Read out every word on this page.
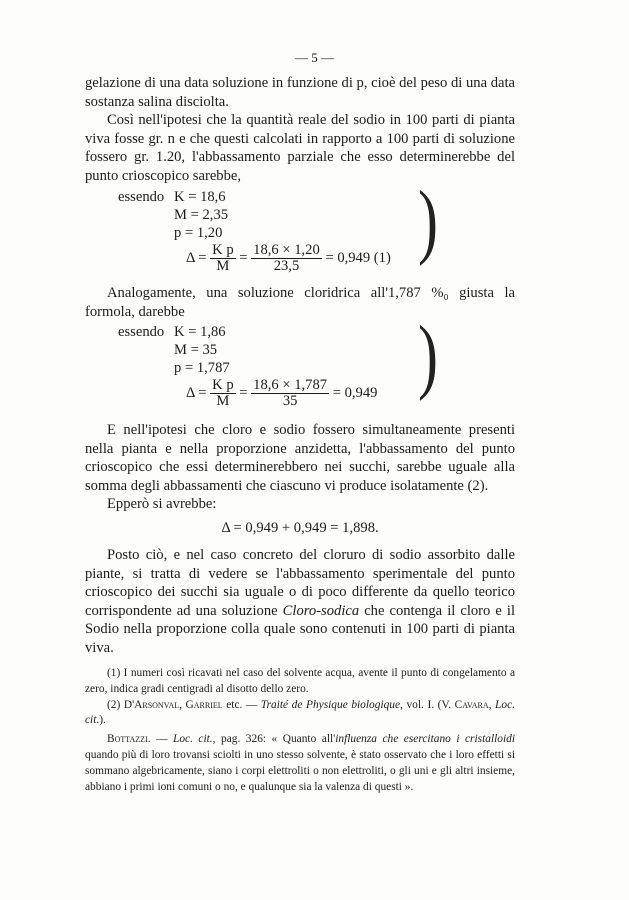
— 5 —

gelazione di una data soluzione in funzione di p, cioè del peso di una data sostanza salina disciolta.

Così nell'ipotesi che la quantità reale del sodio in 100 parti di pianta viva fosse gr. n e che questi calcolati in rapporto a 100 parti di soluzione fossero gr. 1.20, l'abbassamento parziale che esso determinerebbe del punto crioscopico sarebbe,

essendo K = 18,6
M = 2,35
p = 1,20
$\Delta = \frac{\text{K p}}{M} = \frac{18,6 \times 1,20}{23,5} = 0,949$ (1) )

Analogamente, una soluzione cloridrica all'1,787 %₀ giusta la formola, darebbe

essendo K = 1,86
M = 35
p = 1,787
$\Delta = \frac{\text{K p}}{M} = \frac{18,6 \times 1,787}{35} = 0,949$ )

E nell'ipotesi che cloro e sodio fossero simultaneamente presenti nella pianta e nella proporzione anzidetta, l'abbassamento del punto crioscopico che essi determinerebbero nei succhi, sarebbe uguale alla somma degli abbassamenti che ciascuno vi produce isolatamente (2).

Epperò si avrebbe:

Δ = 0,949 + 0,949 = 1,898.

Posto ciò, e nel caso concreto del cloruro di sodio assorbito dalle piante, si tratta di vedere se l'abbassamento sperimentale del punto crioscopico dei succhi sia uguale o di poco differente da quello teorico corrispondente ad una soluzione Cloro-sodica che contenga il cloro e il Sodio nella proporzione colla quale sono contenuti in 100 parti di pianta viva.

(1) I numeri così ricavati nel caso del solvente acqua, avente il punto di congelamento a zero, indica gradi centigradi al disotto dello zero.

(2) D'Arsonval, Garriel etc. — Traité de Physique biologique, vol. I. (V. Cavara, Loc. cit.).

Bottazzi. — Loc. cit., pag. 326: « Quanto all'influenza che esercitano i cristalloidi quando più di loro trovansi sciolti in uno stesso solvente, è stato osservato che i loro effetti si sommano algebricamente, siano i corpi elettroliti o non elettroliti, o gli uni e gli altri insieme, abbiano i primi ioni comuni o no, e qualunque sia la valenza di questi ».
